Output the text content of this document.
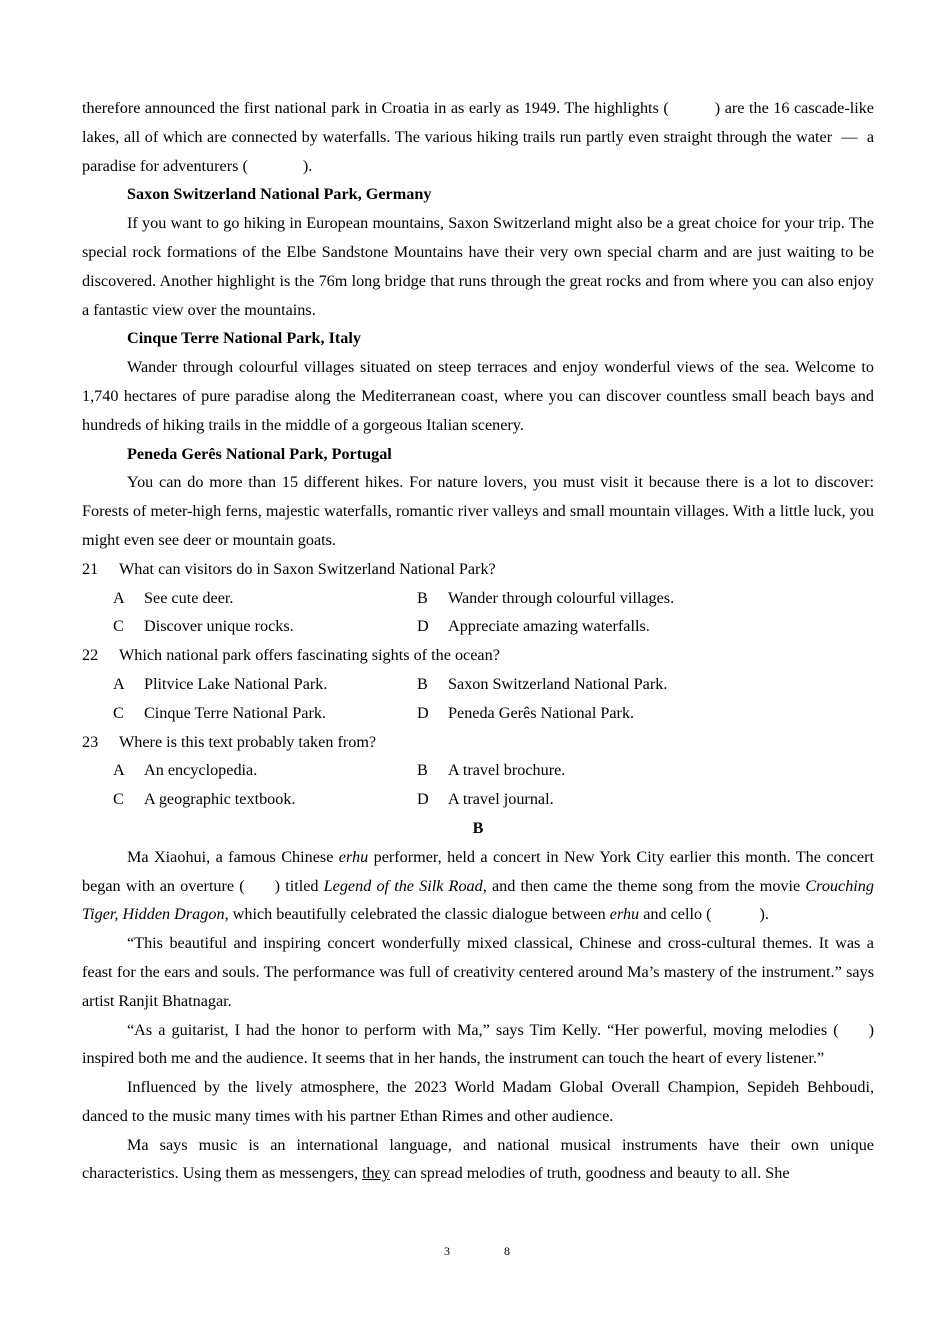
therefore announced the first national park in Croatia in as early as 1949. The highlights (	) are the 16 cascade-like lakes, all of which are connected by waterfalls. The various hiking trails run partly even straight through the water — a paradise for adventurers (	).

Saxon Switzerland National Park, Germany

If you want to go hiking in European mountains, Saxon Switzerland might also be a great choice for your trip. The special rock formations of the Elbe Sandstone Mountains have their very own special charm and are just waiting to be discovered. Another highlight is the 76m long bridge that runs through the great rocks and from where you can also enjoy a fantastic view over the mountains.

Cinque Terre National Park, Italy

Wander through colourful villages situated on steep terraces and enjoy wonderful views of the sea. Welcome to 1,740 hectares of pure paradise along the Mediterranean coast, where you can discover countless small beach bays and hundreds of hiking trails in the middle of a gorgeous Italian scenery.

Peneda Gerês National Park, Portugal

You can do more than 15 different hikes. For nature lovers, you must visit it because there is a lot to discover: Forests of meter-high ferns, majestic waterfalls, romantic river valleys and small mountain villages. With a little luck, you might even see deer or mountain goats.

21	What can visitors do in Saxon Switzerland National Park?
A	See cute deer.	B	Wander through colourful villages.
C	Discover unique rocks.	D	Appreciate amazing waterfalls.
22	Which national park offers fascinating sights of the ocean?
A	Plitvice Lake National Park.	B	Saxon Switzerland National Park.
C	Cinque Terre National Park.	D	Peneda Gerês National Park.
23	Where is this text probably taken from?
A	An encyclopedia.	B	A travel brochure.
C	A geographic textbook.	D	A travel journal.

B

Ma Xiaohui, a famous Chinese erhu performer, held a concert in New York City earlier this month. The concert began with an overture ( ) titled Legend of the Silk Road, and then came the theme song from the movie Crouching Tiger, Hidden Dragon, which beautifully celebrated the classic dialogue between erhu and cello (	).

“This beautiful and inspiring concert wonderfully mixed classical, Chinese and cross-cultural themes. It was a feast for the ears and souls. The performance was full of creativity centered around Ma’s mastery of the instrument.” says artist Ranjit Bhatnagar.

“As a guitarist, I had the honor to perform with Ma,” says Tim Kelly. “Her powerful, moving melodies ( ) inspired both me and the audience. It seems that in her hands, the instrument can touch the heart of every listener.”

Influenced by the lively atmosphere, the 2023 World Madam Global Overall Champion, Sepideh Behboudi, danced to the music many times with his partner Ethan Rimes and other audience.

Ma says music is an international language, and national musical instruments have their own unique characteristics. Using them as messengers, they can spread melodies of truth, goodness and beauty to all. She

3	8
